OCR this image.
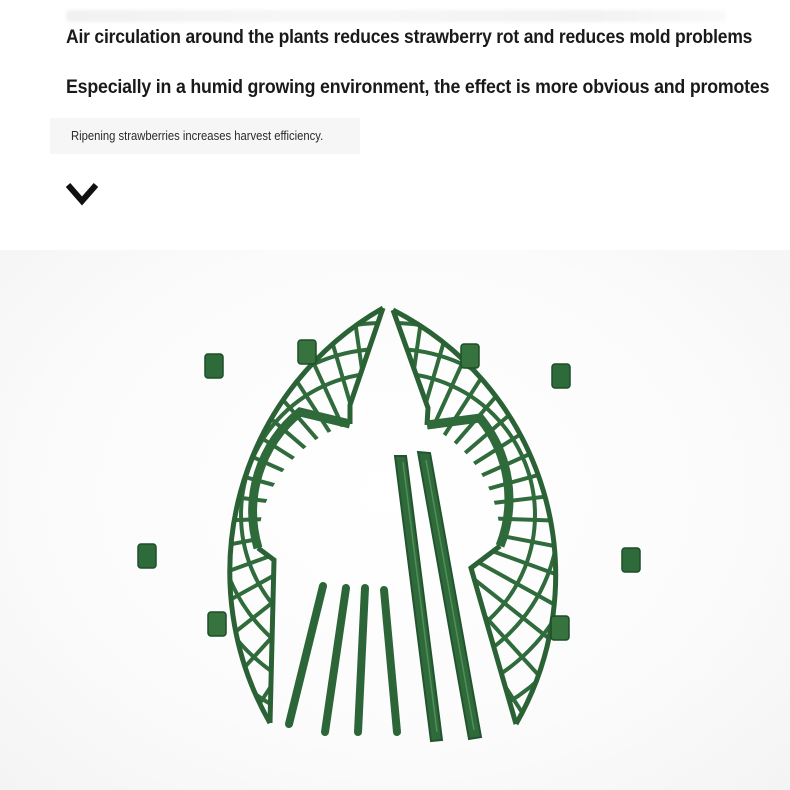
Air circulation around the plants reduces strawberry rot and reduces mold problems
Especially in a humid growing environment, the effect is more obvious and promotes
Ripening strawberries increases harvest efficiency.
